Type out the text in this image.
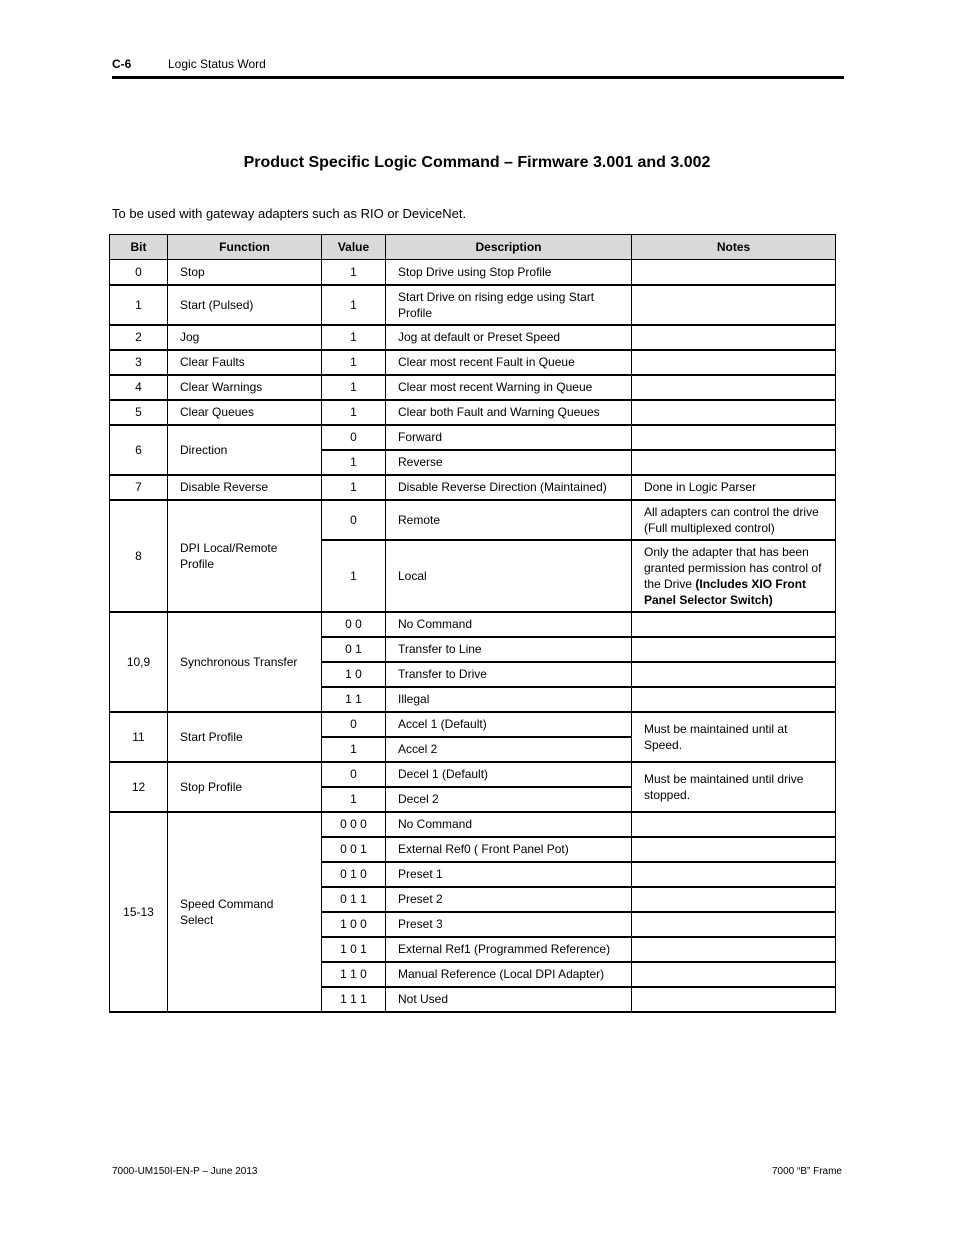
C-6	Logic Status Word
Product Specific Logic Command – Firmware 3.001 and 3.002
To be used with gateway adapters such as RIO or DeviceNet.
Bit	Function	Value	Description	Notes
0	Stop	1	Stop Drive using Stop Profile	
1	Start (Pulsed)	1	Start Drive on rising edge using Start Profile	
2	Jog	1	Jog at default or Preset Speed	
3	Clear Faults	1	Clear most recent Fault in Queue	
4	Clear Warnings	1	Clear most recent Warning in Queue	
5	Clear Queues	1	Clear both Fault and Warning Queues	
6	Direction	0	Forward	
		1	Reverse	
7	Disable Reverse	1	Disable Reverse Direction (Maintained)	Done in Logic Parser
8	DPI Local/Remote Profile	0	Remote	All adapters can control the drive (Full multiplexed control)
		1	Local	Only the adapter that has been granted permission has control of the Drive (Includes XIO Front Panel Selector Switch)
10,9	Synchronous Transfer	0 0	No Command	
		0 1	Transfer to Line	
		1 0	Transfer to Drive	
		1 1	Illegal	
11	Start Profile	0	Accel 1 (Default)	Must be maintained until at Speed.
		1	Accel 2	
12	Stop Profile	0	Decel 1 (Default)	Must be maintained until drive stopped.
		1	Decel 2	
15-13	Speed Command Select	0 0 0	No Command	
		0 0 1	External Ref0 ( Front Panel Pot)	
		0 1 0	Preset 1	
		0 1 1	Preset 2	
		1 0 0	Preset 3	
		1 0 1	External Ref1 (Programmed Reference)	
		1 1 0	Manual Reference (Local DPI Adapter)	
		1 1 1	Not Used	
7000-UM150I-EN-P – June 2013	7000 “B” Frame
